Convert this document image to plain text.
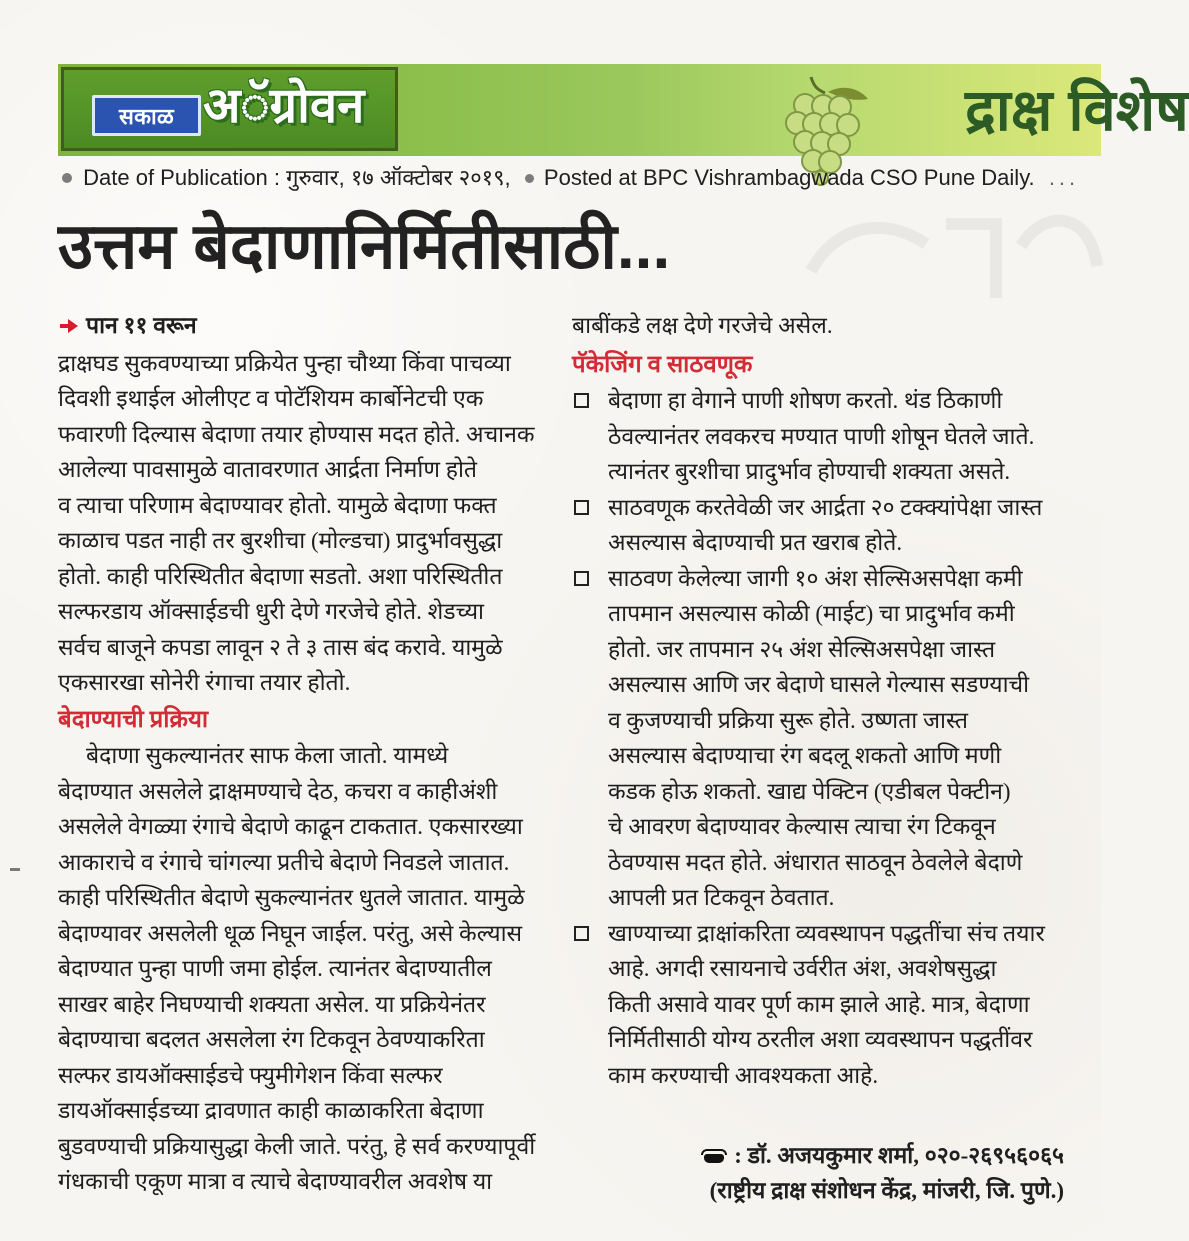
सकाळ अॅग्रोवन	द्राक्ष विशेष
Date of Publication : गुरुवार, १७ ऑक्टोबर २०१९, Posted at BPC Vishrambagwada CSO Pune Daily. ...
उत्तम बेदाणानिर्मितीसाठी...
पान ११ वरून

द्राक्षघड सुकवण्याच्या प्रक्रियेत पुन्हा चौथ्या किंवा पाचव्या

दिवशी इथाईल ओलीएट व पोटॅशियम कार्बोनेटची एक

फवारणी दिल्यास बेदाणा तयार होण्यास मदत होते. अचानक

आलेल्या पावसामुळे वातावरणात आर्द्रता निर्माण होते

व त्याचा परिणाम बेदाण्यावर होतो. यामुळे बेदाणा फक्त

काळाच पडत नाही तर बुरशीचा (मोल्डचा) प्रादुर्भावसुद्धा

होतो. काही परिस्थितीत बेदाणा सडतो. अशा परिस्थितीत

सल्फरडाय ऑक्साईडची धुरी देणे गरजेचे होते. शेडच्या

सर्वच बाजूने कपडा लावून २ ते ३ तास बंद करावे. यामुळे

एकसारखा सोनेरी रंगाचा तयार होतो.

बेदाण्याची प्रक्रिया

बेदाणा सुकल्यानंतर साफ केला जातो. यामध्ये

बेदाण्यात असलेले द्राक्षमण्याचे देठ, कचरा व काहीअंशी

असलेले वेगळ्या रंगाचे बेदाणे काढून टाकतात. एकसारख्या

आकाराचे व रंगाचे चांगल्या प्रतीचे बेदाणे निवडले जातात.

काही परिस्थितीत बेदाणे सुकल्यानंतर धुतले जातात. यामुळे

बेदाण्यावर असलेली धूळ निघून जाईल. परंतु, असे केल्यास

बेदाण्यात पुन्हा पाणी जमा होईल. त्यानंतर बेदाण्यातील

साखर बाहेर निघण्याची शक्यता असेल. या प्रक्रियेनंतर

बेदाण्याचा बदलत असलेला रंग टिकवून ठेवण्याकरिता

सल्फर डायऑक्साईडचे फ्युमीगेशन किंवा सल्फर

डायऑक्साईडच्या द्रावणात काही काळाकरिता बेदाणा

बुडवण्याची प्रक्रियासुद्धा केली जाते. परंतु, हे सर्व करण्यापूर्वी

गंधकाची एकूण मात्रा व त्याचे बेदाण्यावरील अवशेष या

बाबींकडे लक्ष देणे गरजेचे असेल.
पॅकेजिंग व साठवणूक

बेदाणा हा वेगाने पाणी शोषण करतो. थंड ठिकाणी

ठेवल्यानंतर लवकरच मण्यात पाणी शोषून घेतले जाते.

त्यानंतर बुरशीचा प्रादुर्भाव होण्याची शक्यता असते.

साठवणूक करतेवेळी जर आर्द्रता २० टक्क्यांपेक्षा जास्त

असल्यास बेदाण्याची प्रत खराब होते.

साठवण केलेल्या जागी १० अंश सेल्सिअसपेक्षा कमी

तापमान असल्यास कोळी (माईट) चा प्रादुर्भाव कमी

होतो. जर तापमान २५ अंश सेल्सिअसपेक्षा जास्त

असल्यास आणि जर बेदाणे घासले गेल्यास सडण्याची

व कुजण्याची प्रक्रिया सुरू होते. उष्णता जास्त

असल्यास बेदाण्याचा रंग बदलू शकतो आणि मणी

कडक होऊ शकतो. खाद्य पेक्टिन (एडीबल पेक्टीन)

चे आवरण बेदाण्यावर केल्यास त्याचा रंग टिकवून

ठेवण्यास मदत होते. अंधारात साठवून ठेवलेले बेदाणे

आपली प्रत टिकवून ठेवतात.

खाण्याच्या द्राक्षांकरिता व्यवस्थापन पद्धतींचा संच तयार

आहे. अगदी रसायनाचे उर्वरीत अंश, अवशेषसुद्धा

किती असावे यावर पूर्ण काम झाले आहे. मात्र, बेदाणा

निर्मितीसाठी योग्य ठरतील अशा व्यवस्थापन पद्धतींवर

काम करण्याची आवश्यकता आहे.

: डॉ. अजयकुमार शर्मा, ०२०-२६९५६०६५
(राष्ट्रीय द्राक्ष संशोधन केंद्र, मांजरी, जि. पुणे.)
